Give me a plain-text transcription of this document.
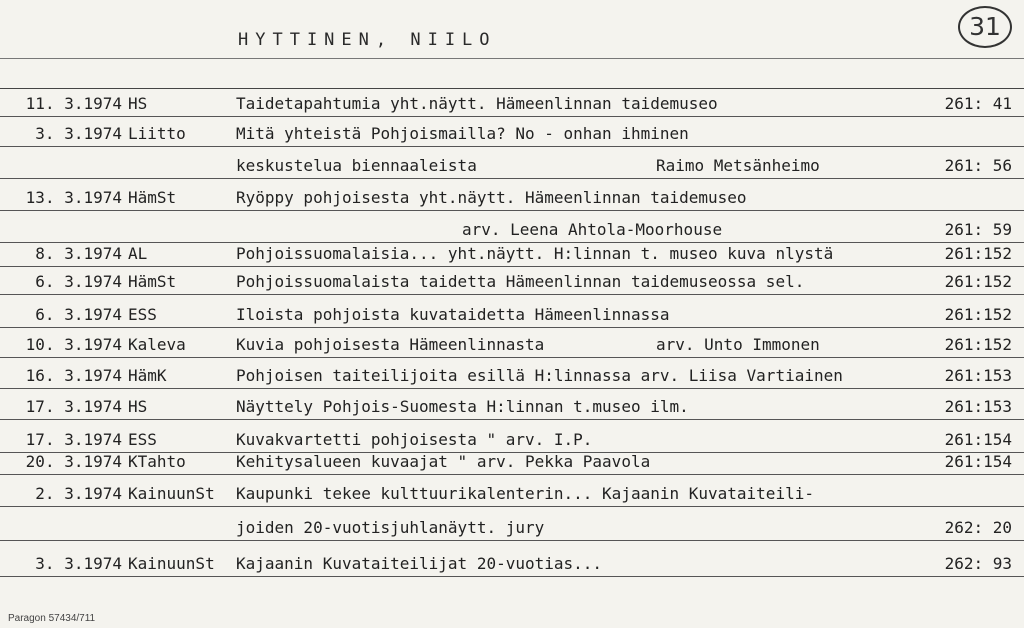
HYTTINEN, NIILO	31
11. 3.1974 HS	Taidetapahtumia yht.näytt. Hämeenlinnan taidemuseo	261: 41
3. 3.1974 Liitto	Mitä yhteistä Pohjoismailla? No - onhan ihminen
keskustelua biennaaleista	Raimo Metsänheimo	261: 56
13. 3.1974 HämSt	Ryöppy pohjoisesta yht.näytt. Hämeenlinnan taidemuseo
arv. Leena Ahtola-Moorhouse	261: 59
8. 3.1974 AL	Pohjoissuomalaisia... yht.näytt. H:linnan t. museo kuva nlystä	261:152
6. 3.1974 HämSt	Pohjoissuomalaista taidetta Hämeenlinnan taidemuseossa sel.	261:152
6. 3.1974 ESS	Iloista pohjoista kuvataidetta Hämeenlinnassa	261:152
10. 3.1974 Kaleva	Kuvia pohjoisesta Hämeenlinnasta	arv. Unto Immonen	261:152
16. 3.1974 HämK	Pohjoisen taiteilijoita esillä H:linnassa arv. Liisa Vartiainen	261:153
17. 3.1974 HS	Näyttely Pohjois-Suomesta H:linnan t.museo ilm.	261:153
17. 3.1974 ESS	Kuvakvartetti pohjoisesta " arv. I.P.	261:154
20. 3.1974 KTahto	Kehitysalueen kuvaajat " arv. Pekka Paavola	261:154
2. 3.1974 KainuunSt Kaupunki tekee kulttuurikalenterin... Kajaanin Kuvataiteili-
joiden 20-vuotisjuhlanäytt. jury	262: 20
3. 3.1974 KainuunSt Kajaanin Kuvataiteilijat 20-vuotias...	262: 93
Paragon 57434/711
